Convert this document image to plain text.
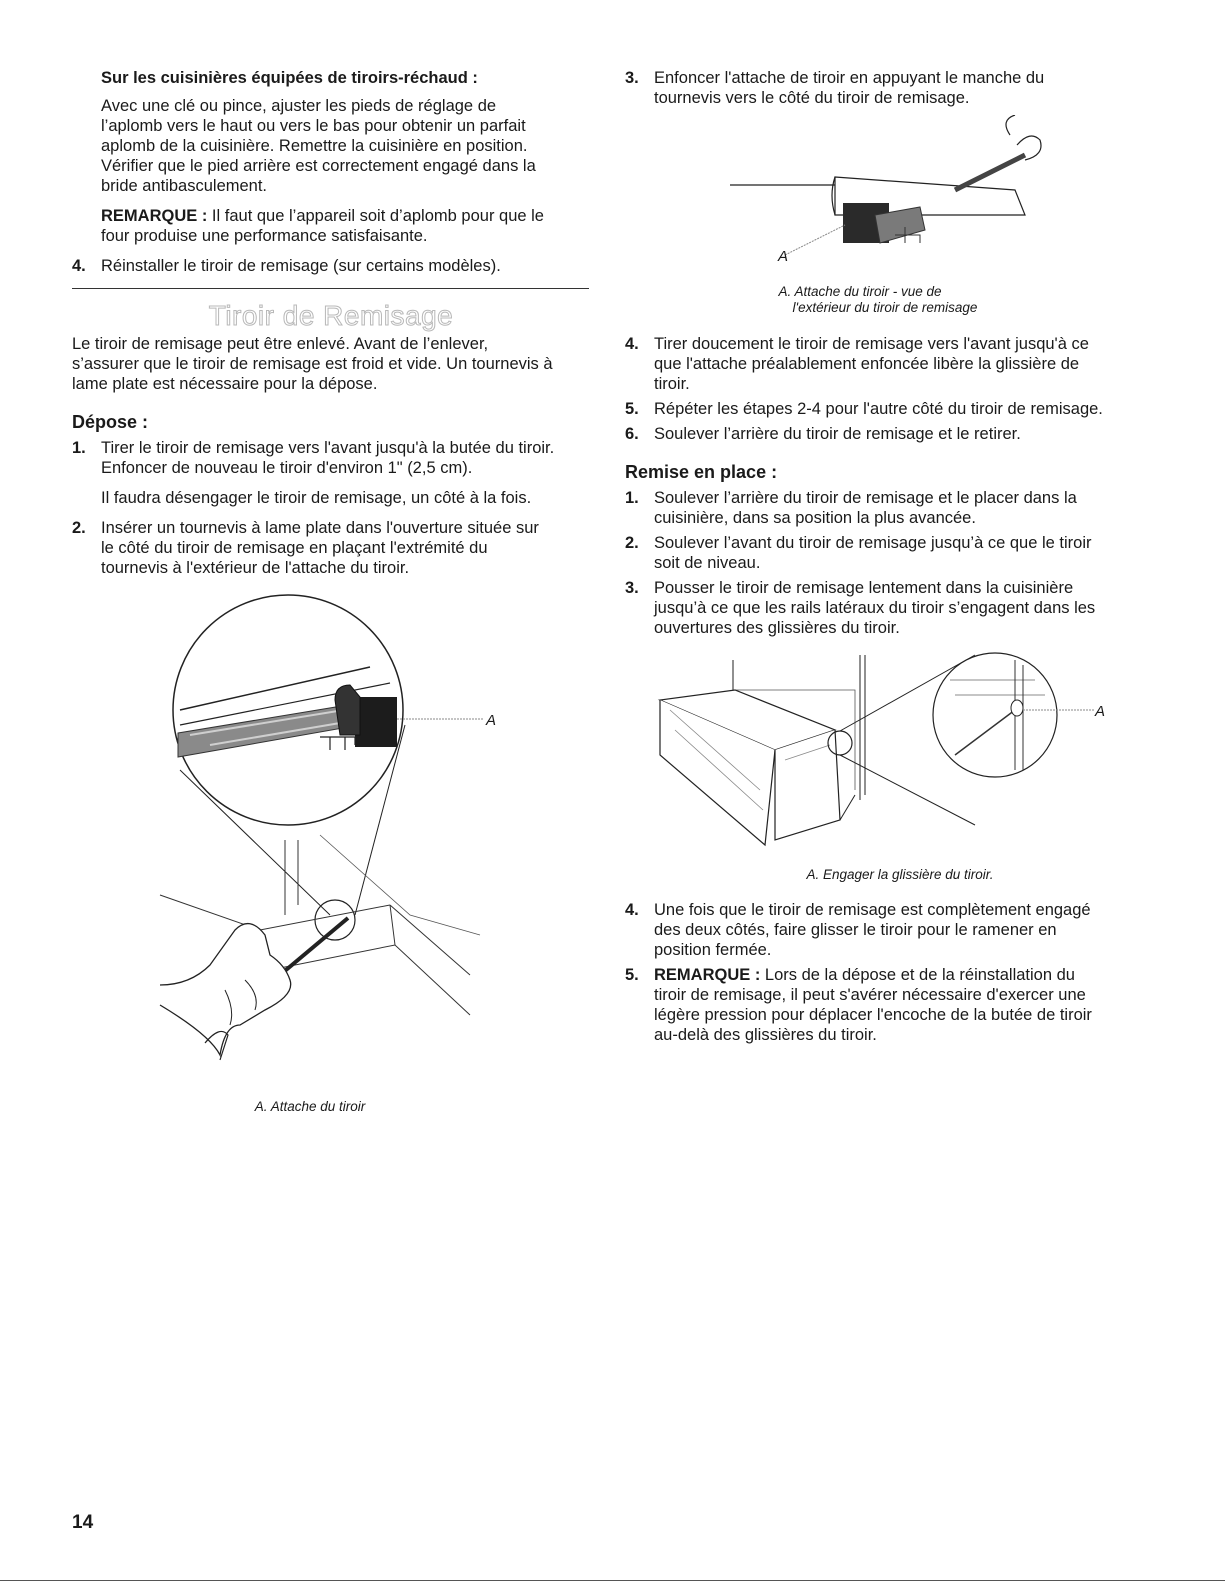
Sur les cuisinières équipées de tiroirs-réchaud :
Avec une clé ou pince, ajuster les pieds de réglage de
l’aplomb vers le haut ou vers le bas pour obtenir un parfait
aplomb de la cuisinière. Remettre la cuisinière en position.
Vérifier que le pied arrière est correctement engagé dans la
bride antibasculement.
REMARQUE : Il faut que l’appareil soit d’aplomb pour que le
four produise une performance satisfaisante.
4. Réinstaller le tiroir de remisage (sur certains modèles).
Tiroir de Remisage
Le tiroir de remisage peut être enlevé. Avant de l’enlever,
s’assurer que le tiroir de remisage est froid et vide. Un tournevis à
lame plate est nécessaire pour la dépose.
Dépose :
1. Tirer le tiroir de remisage vers l'avant jusqu'à la butée du tiroir.
Enfoncer de nouveau le tiroir d'environ 1" (2,5 cm).
Il faudra désengager le tiroir de remisage, un côté à la fois.
2. Insérer un tournevis à lame plate dans l'ouverture située sur
le côté du tiroir de remisage en plaçant l'extrémité du
tournevis à l'extérieur de l'attache du tiroir.
A
A. Attache du tiroir
3. Enfoncer l'attache de tiroir en appuyant le manche du
tournevis vers le côté du tiroir de remisage.
A
A. Attache du tiroir - vue de
l'extérieur du tiroir de remisage
4. Tirer doucement le tiroir de remisage vers l'avant jusqu'à ce
que l'attache préalablement enfoncée libère la glissière de
tiroir.
5. Répéter les étapes 2-4 pour l'autre côté du tiroir de remisage.
6. Soulever l’arrière du tiroir de remisage et le retirer.
Remise en place :
1. Soulever l’arrière du tiroir de remisage et le placer dans la
cuisinière, dans sa position la plus avancée.
2. Soulever l’avant du tiroir de remisage jusqu’à ce que le tiroir
soit de niveau.
3. Pousser le tiroir de remisage lentement dans la cuisinière
jusqu’à ce que les rails latéraux du tiroir s’engagent dans les
ouvertures des glissières du tiroir.
A
A. Engager la glissière du tiroir.
4. Une fois que le tiroir de remisage est complètement engagé
des deux côtés, faire glisser le tiroir pour le ramener en
position fermée.
5. REMARQUE : Lors de la dépose et de la réinstallation du
tiroir de remisage, il peut s'avérer nécessaire d'exercer une
légère pression pour déplacer l'encoche de la butée de tiroir
au-delà des glissières du tiroir.
14
